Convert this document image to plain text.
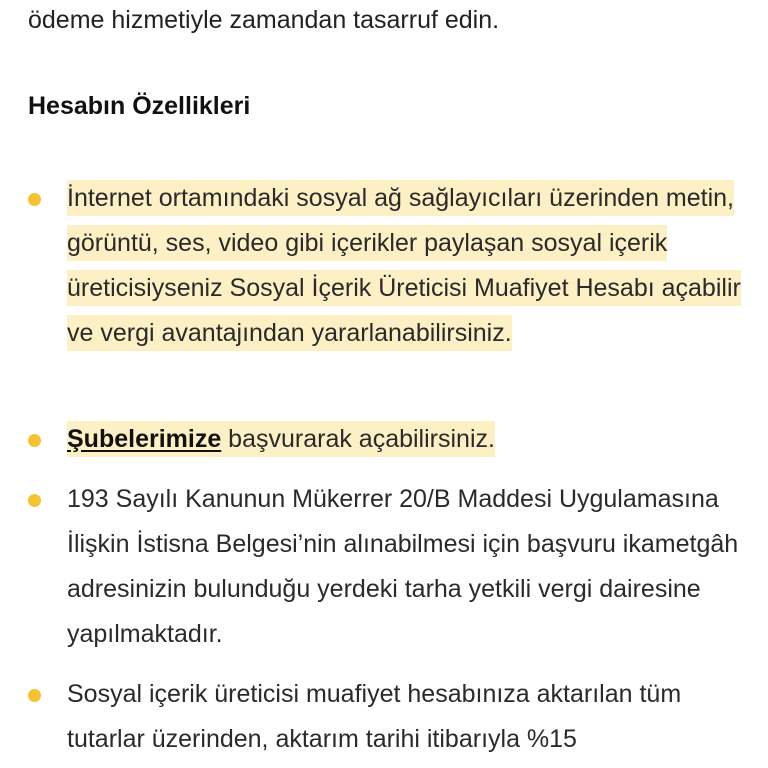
ödeme hizmetiyle zamandan tasarruf edin.
Hesabın Özellikleri
İnternet ortamındaki sosyal ağ sağlayıcıları üzerinden metin, görüntü, ses, video gibi içerikler paylaşan sosyal içerik üreticisiyseniz Sosyal İçerik Üreticisi Muafiyet Hesabı açabilir ve vergi avantajından yararlanabilirsiniz.
Şubelerimize başvurarak açabilirsiniz.
193 Sayılı Kanunun Mükerrer 20/B Maddesi Uygulamasına İlişkin İstisna Belgesi’nin alınabilmesi için başvuru ikametgâh adresinizin bulunduğu yerdeki tarha yetkili vergi dairesine yapılmaktadır.
Sosyal içerik üreticisi muafiyet hesabınıza aktarılan tüm tutarlar üzerinden, aktarım tarihi itibarıyla %15
